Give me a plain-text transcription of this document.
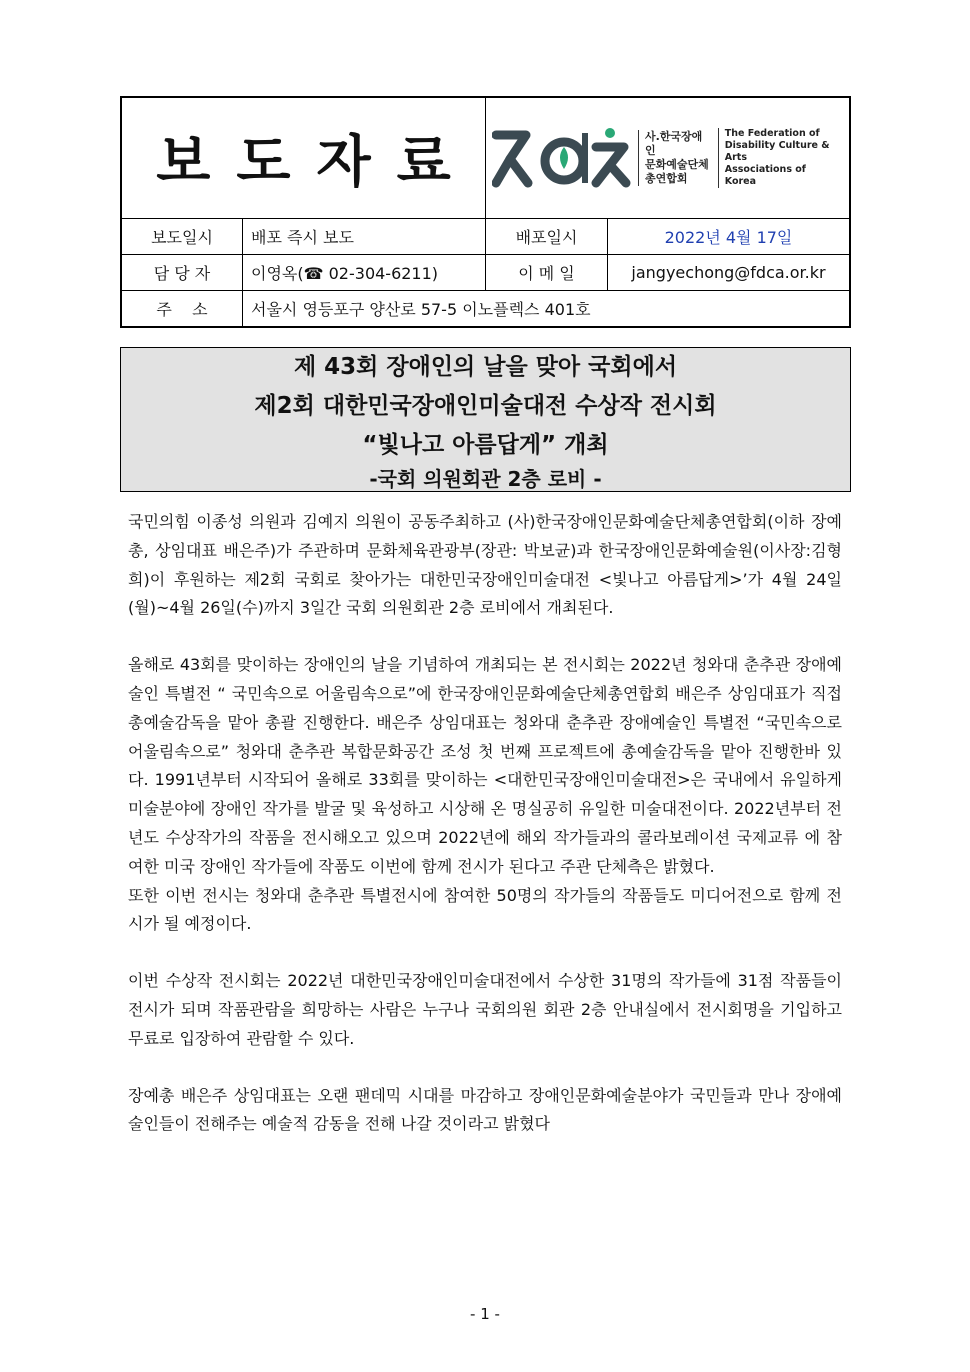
보도자료	사.한국장애인
문화예술단체
총연합회
The Federation of
Disability Culture & Arts
Associations of
Korea
보도일시	배포 즉시 보도	배포일시	2022년 4월 17일
담 당 자	이영옥(☎ 02-304-6211)	이 메 일	jangyechong@fdca.or.kr
주    소	서울시 영등포구 양산로 57-5 이노플렉스 401호
제 43회 장애인의 날을 맞아 국회에서
제2회 대한민국장애인미술대전 수상작 전시회
“빛나고 아름답게” 개최
-국회 의원회관 2층 로비 -

국민의힘 이종성 의원과 김예지 의원이 공동주최하고 (사)한국장애인문화예술단체총연합회(이하 장예총, 상임대표 배은주)가 주관하며 문화체육관광부(장관: 박보균)과 한국장애인문화예술원(이사장:김형희)이 후원하는 제2회 국회로 찾아가는 대한민국장애인미술대전 <빛나고 아름답게>’가 4월 24일(월)~4월 26일(수)까지 3일간 국회 의원회관 2층 로비에서 개최된다.

올해로 43회를 맞이하는 장애인의 날을 기념하여 개최되는 본 전시회는 2022년 청와대 춘추관 장애예술인 특별전 “ 국민속으로 어울림속으로”에 한국장애인문화예술단체총연합회 배은주 상임대표가 직접 총예술감독을 맡아 총괄 진행한다. 배은주 상임대표는 청와대 춘추관 장애예술인 특별전 “국민속으로 어울림속으로” 청와대 춘추관 복합문화공간 조성 첫 번째 프로젝트에 총예술감독을 맡아 진행한바 있다. 1991년부터 시작되어 올해로 33회를 맞이하는 <대한민국장애인미술대전>은 국내에서 유일하게 미술분야에 장애인 작가를 발굴 및 육성하고 시상해 온 명실공히 유일한 미술대전이다. 2022년부터 전년도 수상작가의 작품을 전시해오고 있으며 2022년에 해외 작가들과의 콜라보레이션 국제교류 에 참여한 미국 장애인 작가들에 작품도 이번에 함께 전시가 된다고 주관 단체측은 밝혔다.

또한 이번 전시는 청와대 춘추관 특별전시에 참여한 50명의 작가들의 작품들도 미디어전으로 함께 전시가 될 예정이다.

이번 수상작 전시회는 2022년 대한민국장애인미술대전에서 수상한 31명의 작가들에 31점 작품들이 전시가 되며 작품관람을 희망하는 사람은 누구나 국회의원 회관 2층 안내실에서 전시회명을 기입하고 무료로 입장하여 관람할 수 있다.

장예총 배은주 상임대표는 오랜 팬데믹 시대를 마감하고 장애인문화예술분야가 국민들과 만나 장애예술인들이 전해주는 예술적 감동을 전해 나갈 것이라고 밝혔다

- 1 -
